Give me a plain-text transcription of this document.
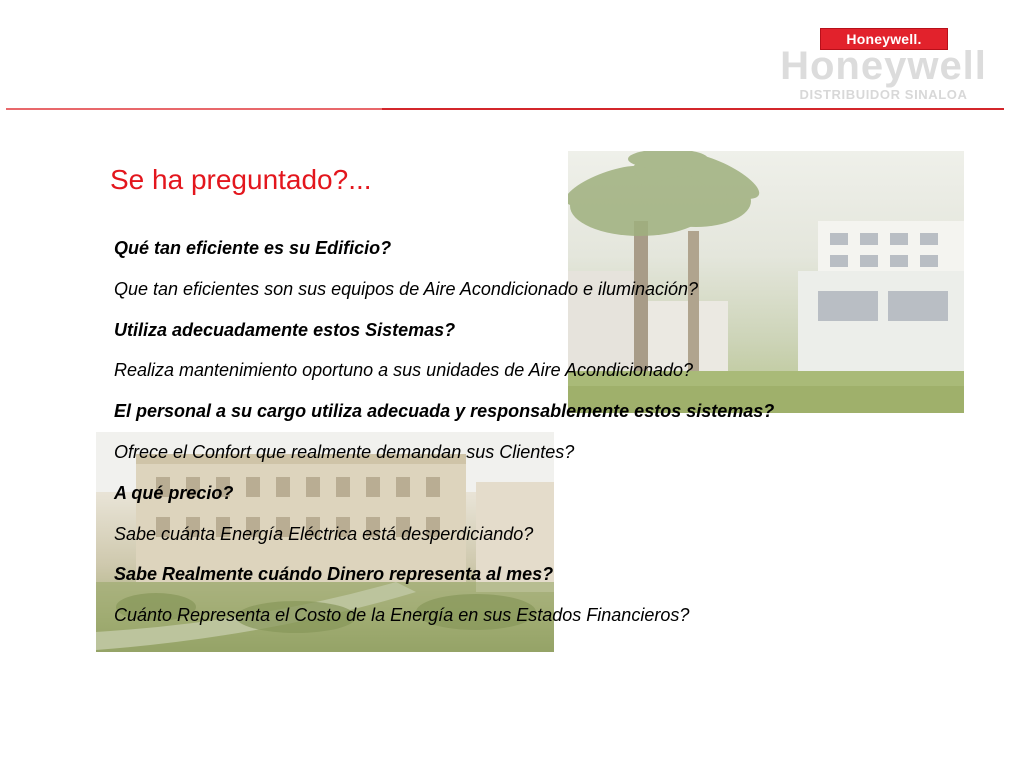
Honeywell.
Honeywell
DISTRIBUIDOR SINALOA
Se ha preguntado?...
Qué tan eficiente es su Edificio?
Que tan eficientes son sus equipos de Aire Acondicionado e iluminación?
Utiliza adecuadamente estos Sistemas?
Realiza mantenimiento oportuno a sus unidades de Aire Acondicionado?
El personal a su cargo utiliza adecuada y responsablemente estos sistemas?
Ofrece el Confort que realmente demandan sus Clientes?
A qué precio?
Sabe cuánta Energía Eléctrica está desperdiciando?
Sabe Realmente cuándo Dinero representa al mes?
Cuánto Representa el Costo de la Energía en sus Estados Financieros?
